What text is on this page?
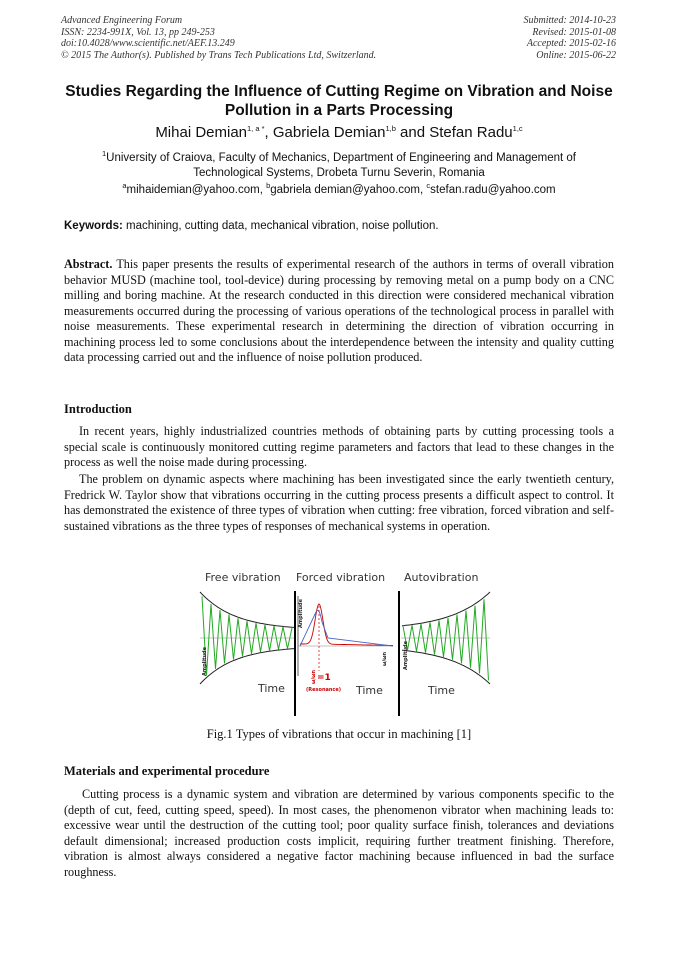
Advanced Engineering Forum
ISSN: 2234-991X, Vol. 13, pp 249-253
doi:10.4028/www.scientific.net/AEF.13.249
© 2015 The Author(s). Published by Trans Tech Publications Ltd, Switzerland.
Submitted: 2014-10-23
Revised: 2015-01-08
Accepted: 2015-02-16
Online: 2015-06-22
Studies Regarding the Influence of Cutting Regime on Vibration and Noise Pollution in a Parts Processing
Mihai Demian$^{1, a *}$, Gabriela Demian$^{1,b}$ and Stefan Radu$^{1,c}$
$^1$University of Craiova, Faculty of Mechanics, Department of Engineering and Management of Technological Systems, Drobeta Turnu Severin, Romania
$^a$mihaidemian@yahoo.com, $^b$gabriela demian@yahoo.com, $^c$stefan.radu@yahoo.com
Keywords: machining, cutting data, mechanical vibration, noise pollution.
Abstract. This paper presents the results of experimental research of the authors in terms of overall vibration behavior MUSD (machine tool, tool-device) during processing by removing metal on a pump body on a CNC milling and boring machine. At the research conducted in this direction were considered mechanical vibration measurements occurred during the processing of various operations of the technological process in parallel with noise measurements. These experimental research in determining the direction of vibration occurring in machining process led to some conclusions about the interdependence between the intensity and quality cutting data processing carried out and the influence of noise pollution produced.
Introduction
In recent years, highly industrialized countries methods of obtaining parts by cutting processing tools a special scale is continuously monitored cutting regime parameters and factors that lead to these changes in the process as well the noise made during processing.
The problem on dynamic aspects where machining has been investigated since the early twentieth century, Fredrick W. Taylor show that vibrations occurring in the cutting process presents a difficult aspect to control. It has demonstrated the existence of three types of vibration when cutting: free vibration, forced vibration and self-sustained vibrations as the three types of responses of mechanical systems in operation.
Free vibration Forced vibration Autovibration
Amplitude
Amplitude
Amplitude
Time	Time	Time
ω/ωn =1
(Resonance)
ω/ωn
Fig.1 Types of vibrations that occur in machining [1]
Materials and experimental procedure
Cutting process is a dynamic system and vibration are determined by various components specific to the (depth of cut, feed, cutting speed, speed). In most cases, the phenomenon vibrator when machining leads to: excessive wear until the destruction of the cutting tool; poor quality surface finish, tolerances and deviations default dimensional; increased production costs implicit, requiring further treatment finishing. Therefore, vibration is almost always considered a negative factor machining because influenced in bad the surface roughness.
